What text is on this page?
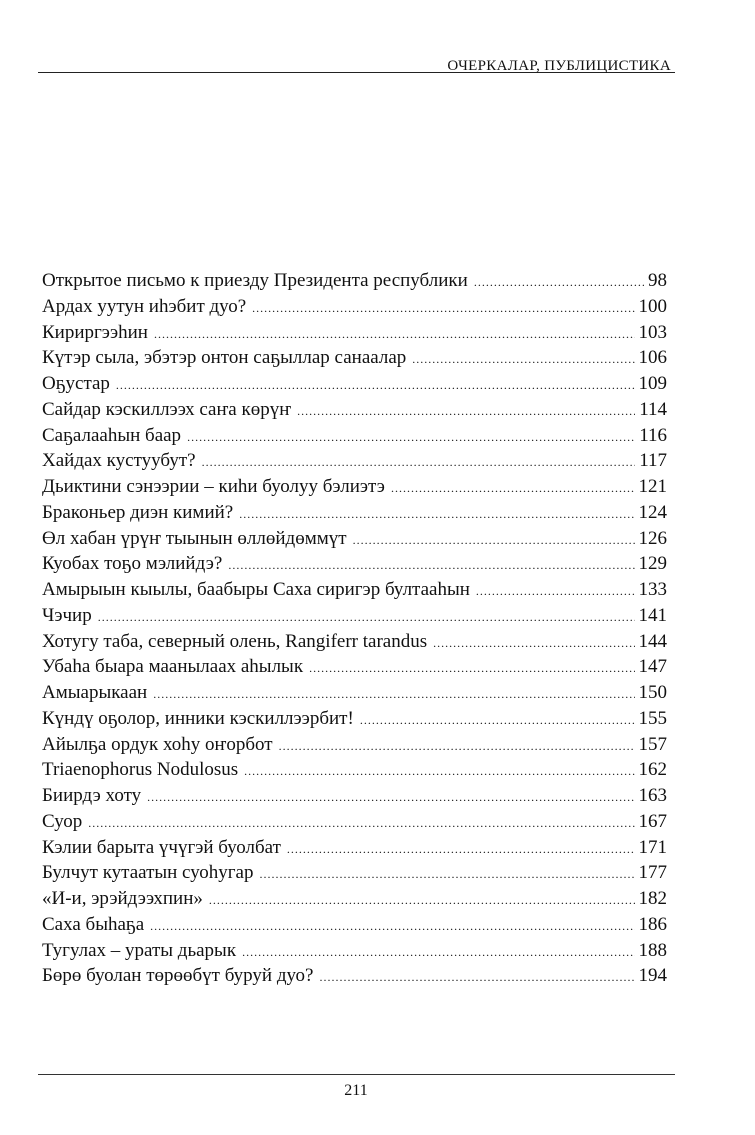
ОЧЕРКАЛАР, ПУБЛИЦИСТИКА
Открытое письмо к приезду Президента республики .....	98
Ардах уутун иhэбит дуо? .....	100
Кириргээhин .....	103
Күтэр сыла, эбэтэр онтон саҕыллар санаалар .....	106
Оҕустар .....	109
Сайдар кэскиллээх саҥа көрүҥ .....	114
Саҕалааhын баар .....	116
Хайдах кустуубут? .....	117
Дьиктини сэнээрии – киhи буолуу бэлиэтэ .....	121
Браконьер диэн кимий? .....	124
Өл хабан үрүҥ тыынын өллөйдөммүт .....	126
Куобах тоҕо мэлийдэ? .....	129
Амырыын кыылы, баабыры Саха сиригэр бултааhын .....	133
Чэчир .....	141
Хотугу таба, северный олень, Rangiferr tarandus .....	144
Убаhа быара маанылаах аhылык .....	147
Амыарыкаан .....	150
Күндү оҕолор, инники кэскиллээрбит! .....	155
Айылҕа ордук хоhу оҥорбот .....	157
Triaenophorus Nodulosus .....	162
Биирдэ хоту .....	163
Суор .....	167
Кэлии барыта үчүгэй буолбат .....	171
Булчут кутаатын суоhугар .....	177
«И-и, эрэйдээхпин» .....	182
Саха быhаҕа .....	186
Тугулах – ураты дьарык .....	188
Бөрө буолан төрөөбүт буруй дуо? .....	194
211
